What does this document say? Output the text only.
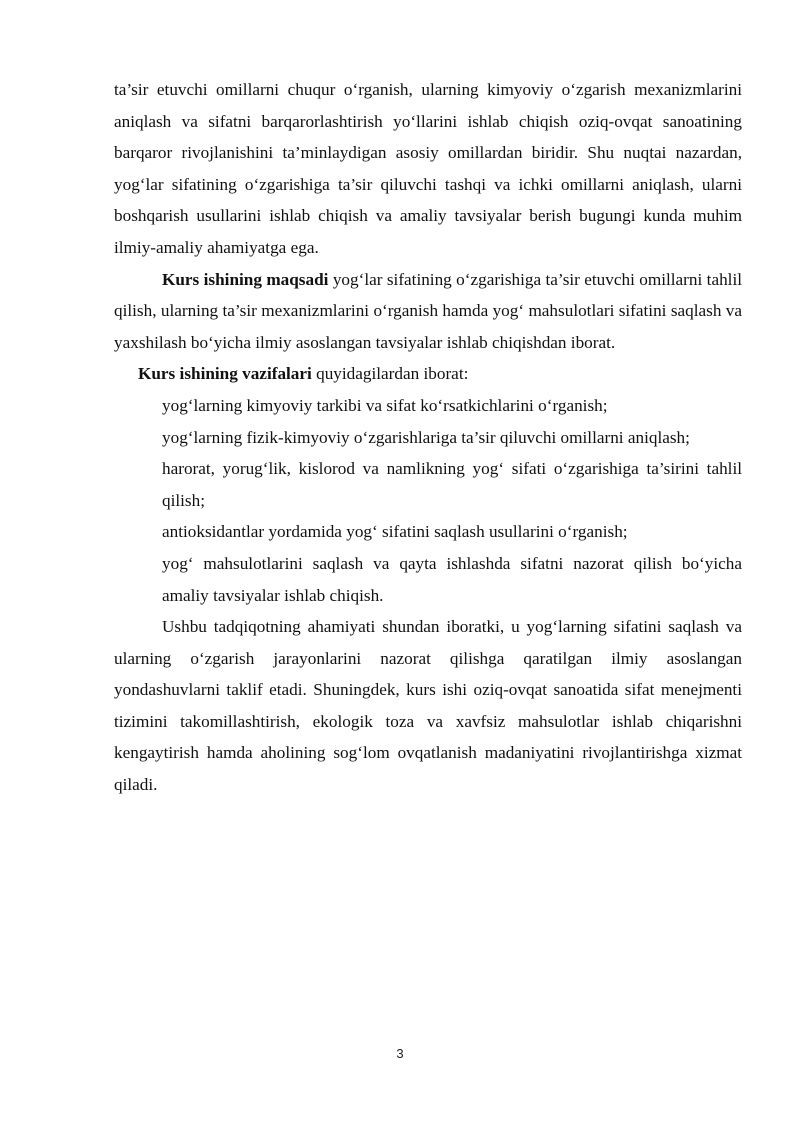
ta’sir etuvchi omillarni chuqur o‘rganish, ularning kimyoviy o‘zgarish mexanizmlarini aniqlash va sifatni barqarorlashtirish yo‘llarini ishlab chiqish oziq-ovqat sanoatining barqaror rivojlanishini ta’minlaydigan asosiy omillardan biridir. Shu nuqtai nazardan, yog‘lar sifatining o‘zgarishiga ta’sir qiluvchi tashqi va ichki omillarni aniqlash, ularni boshqarish usullarini ishlab chiqish va amaliy tavsiyalar berish bugungi kunda muhim ilmiy-amaliy ahamiyatga ega.

Kurs ishining maqsadi yog‘lar sifatining o‘zgarishiga ta’sir etuvchi omillarni tahlil qilish, ularning ta’sir mexanizmlarini o‘rganish hamda yog‘ mahsulotlari sifatini saqlash va yaxshilash bo‘yicha ilmiy asoslangan tavsiyalar ishlab chiqishdan iborat.

Kurs ishining vazifalari quyidagilardan iborat:

yog‘larning kimyoviy tarkibi va sifat ko‘rsatkichlarini o‘rganish;
yog‘larning fizik-kimyoviy o‘zgarishlariga ta’sir qiluvchi omillarni aniqlash;
harorat, yorug‘lik, kislorod va namlikning yog‘ sifati o‘zgarishiga ta’sirini tahlil qilish;
antioksidantlar yordamida yog‘ sifatini saqlash usullarini o‘rganish;
yog‘ mahsulotlarini saqlash va qayta ishlashda sifatni nazorat qilish bo‘yicha amaliy tavsiyalar ishlab chiqish.

Ushbu tadqiqotning ahamiyati shundan iboratki, u yog‘larning sifatini saqlash va ularning o‘zgarish jarayonlarini nazorat qilishga qaratilgan ilmiy asoslangan yondashuvlarni taklif etadi. Shuningdek, kurs ishi oziq-ovqat sanoatida sifat menejmenti tizimini takomillashtirish, ekologik toza va xavfsiz mahsulotlar ishlab chiqarishni kengaytirish hamda aholining sog‘lom ovqatlanish madaniyatini rivojlantirishga xizmat qiladi.

3
